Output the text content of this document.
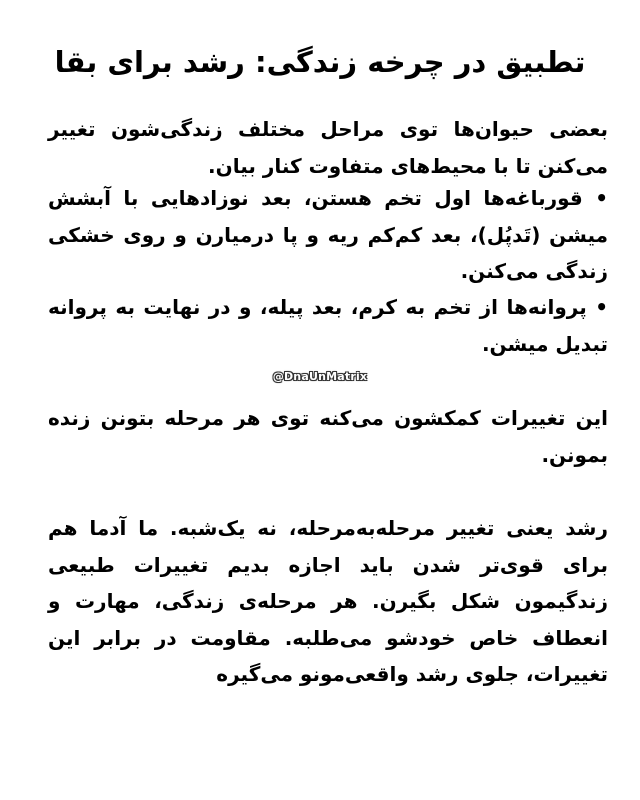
تطبیق در چرخه زندگی: رشد برای بقا

بعضی حیوان‌ها توی مراحل مختلف زندگی‌شون تغییر می‌کنن تا با محیط‌های متفاوت کنار بیان.

• قورباغه‌ها اول تخم هستن، بعد نوزادهایی با آبشش میشن (تَدپُل)، بعد کم‌کم ریه و پا درمیارن و روی خشکی زندگی می‌کنن.

• پروانه‌ها از تخم به کرم، بعد پیله، و در نهایت به پروانه تبدیل میشن.

@DnaUnMatrix

این تغییرات کمکشون می‌کنه توی هر مرحله بتونن زنده بمونن.

رشد یعنی تغییر مرحله‌به‌مرحله، نه یک‌شبه. ما آدما هم برای قوی‌تر شدن باید اجازه بدیم تغییرات طبیعی زندگیمون شکل بگیرن. هر مرحله‌ی زندگی، مهارت و انعطاف خاص خودشو می‌طلبه. مقاومت در برابر این تغییرات، جلوی رشد واقعی‌مونو می‌گیره
